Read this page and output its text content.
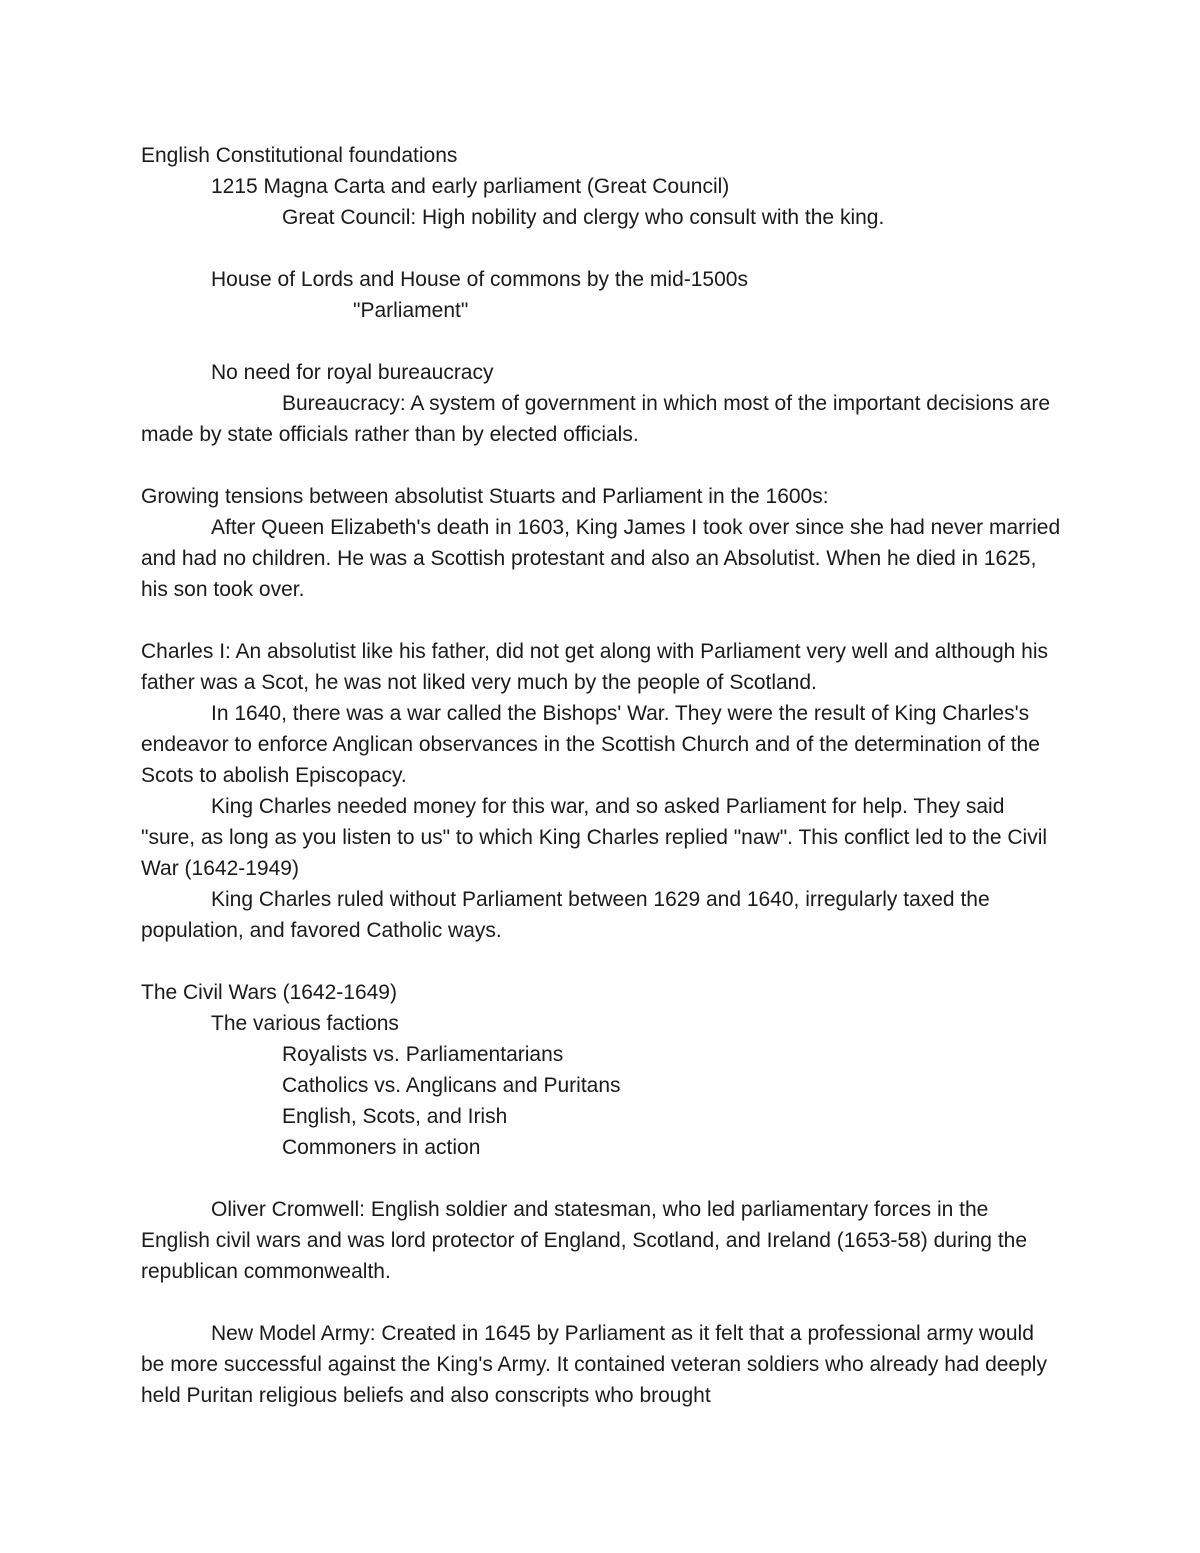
English Constitutional foundations

1215 Magna Carta and early parliament (Great Council)

Great Council: High nobility and clergy who consult with the king.

House of Lords and House of commons by the mid-1500s

"Parliament"

No need for royal bureaucracy

Bureaucracy: A system of government in which most of the important decisions are made by state officials rather than by elected officials.

Growing tensions between absolutist Stuarts and Parliament in the 1600s:

After Queen Elizabeth's death in 1603, King James I took over since she had never married and had no children. He was a Scottish protestant and also an Absolutist. When he died in 1625, his son took over.

Charles I: An absolutist like his father, did not get along with Parliament very well and although his father was a Scot, he was not liked very much by the people of Scotland.

In 1640, there was a war called the Bishops' War. They were the result of King Charles's endeavor to enforce Anglican observances in the Scottish Church and of the determination of the Scots to abolish Episcopacy.

King Charles needed money for this war, and so asked Parliament for help. They said "sure, as long as you listen to us" to which King Charles replied "naw". This conflict led to the Civil War (1642-1949)

King Charles ruled without Parliament between 1629 and 1640, irregularly taxed the population, and favored Catholic ways.

The Civil Wars (1642-1649)

The various factions

Royalists vs. Parliamentarians

Catholics vs. Anglicans and Puritans

English, Scots, and Irish

Commoners in action

Oliver Cromwell: English soldier and statesman, who led parliamentary forces in the English civil wars and was lord protector of England, Scotland, and Ireland (1653-58) during the republican commonwealth.

New Model Army: Created in 1645 by Parliament as it felt that a professional army would be more successful against the King's Army. It contained veteran soldiers who already had deeply held Puritan religious beliefs and also conscripts who brought
